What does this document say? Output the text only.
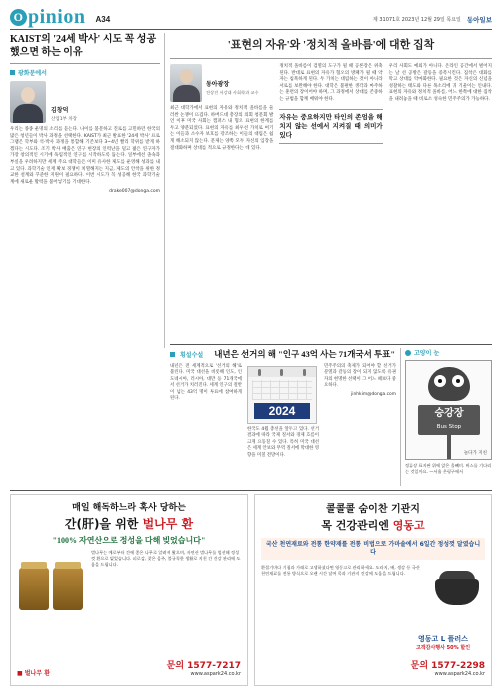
O pinion A34	제 31071호 2023년 12월 29일 목요일 동아일보
KAIST의 '24세 박사' 시도 꼭 성공했으면 하는 이유
광화문에서
김창덕
산업1부 차장
우리는 종종 운명의 소리를 듣는다. 나이를 불문하고 진로를 고민하던 한국의 많은 청년들이 박사 과정을 선택한다. KAIST가 최근 발표한 '24세 박사' 프로그램은 학부와 석·박사 과정을 통합해 기존보다 3~4년 빨리 학위를 받게 하겠다는 시도다. 조기 박사 배출은 연구 현장의 인력난을 덜고 젊은 연구자가 가장 창의적인 시기에 독립적인 연구를 시작하도록 돕는다. 일부에선 졸속과 부실을 우려하지만 세계 주요 대학들은 이미 유사한 제도를 운영해 성과를 내고 있다. 과학기술 인재 확보 경쟁이 치열해지는 지금, 제도의 안착을 위한 정교한 설계와 꾸준한 지원이 필요하다. 이번 시도가 꼭 성공해 한국 과학기술계에 새로운 활력을 불어넣기를 기대한다.
drake007@donga.com
'표현의 자유'와 '정치적 올바름'에 대한 집착
동아광장
전상진 서강대 사회학과 교수
최근 대학가에서 표현의 자유와 정치적 올바름을 둘러싼 논쟁이 뜨겁다. 하버드대 총장의 의회 청문회 발언 이후 미국 사회는 캠퍼스 내 혐오 표현의 한계를 두고 양분되었다. 표현의 자유를 최우선 가치로 여기는 이들과 소수자 보호를 강조하는 이들의 대립은 쉽게 해소되지 않는다. 문제는 양쪽 모두 자신의 입장을 절대화하며 상대를 적으로 규정한다는 데 있다.
정치적 올바름이 검열의 도구가 될 때 공론장은 위축된다. 반대로 표현의 자유가 혐오의 방패가 될 때 약자는 침묵하게 된다. 두 가치는 대립하는 것이 아니라 서로를 보완해야 한다. 대학은 불편한 생각과 마주하는 훈련의 장이어야 하며, 그 과정에서 상대를 존중하는 규범을 함께 배워야 한다.
자유는 중요하지만 타인의 존엄을 해치지 않는 선에서 지켜질 때 의미가 있다
우리 사회도 예외가 아니다. 온라인 공간에서 벌어지는 날 선 공방은 갈등을 증폭시킨다. 집착은 대화를 막고 상대를 악마화한다. 필요한 것은 자신의 신념을 성찰하는 태도와 다른 목소리에 귀 기울이는 인내다. 표현의 자유와 정치적 올바름, 어느 한쪽에 대한 집착을 내려놓을 때 비로소 성숙한 민주주의가 가능하다.
횡설수설 내년은 선거의 해 "인구 43억 사는 71개국서 투표"
내년은 전 세계적으로 '선거의 해'로 불린다. 미국 대선을 비롯해 인도, 인도네시아, 러시아, 대만 등 71개국에서 선거가 치러진다. 세계 인구의 절반이 넘는 43억 명이 투표에 참여하게 된다.
2024
한국도 4월 총선을 앞두고 있다. 선거 결과에 따라 국제 질서와 경제 흐름이 크게 요동칠 수 있다. 특히 미국 대선은 세계 안보와 무역 질서에 막대한 영향을 미칠 전망이다.
민주주의의 축제가 되어야 할 선거가 분열과 갈등의 장이 되지 않도록 유권자의 현명한 선택이 그 어느 때보다 중요하다.
jinhkim@donga.com
고양이 눈
승강장
Bus Stop
놀다가 지친
정류장 표지판 위에 앉은 올빼미. 버스를 기다리는 것일까요. —서울 은평구에서
매일 해독하느라 혹사 당하는
간(肝)을 위한 벌나무 환
"100% 자연산으로 정성을 다해 빚었습니다"
벌나무는 예로부터 간에 좋은 나무로 알려져 왔으며, 자연산 벌나무를 엄선해 정성껏 환으로 빚었습니다. 피로감, 잦은 음주, 불규칙한 생활로 지친 간 건강 관리에 도움을 드립니다.
■ 벌나무 환
문의 1577-7217
www.aspark24.co.kr
콜콜콜 숨이찬 기관지
목 건강관리엔 영동고
국산 천연재료와 전통 한약재를 전통 비법으로 가마솥에서 6일간 정성껏 달였습니다
환절기마다 기침과 가래로 고생하셨다면 영동고로 관리하세요. 도라지, 배, 생강 등 국산 천연재료를 전통 방식으로 오랜 시간 달여 목과 기관지 건강에 도움을 드립니다.
영동고 L 플러스
고객감사행사 50% 할인
문의 1577-2298
www.aspark24.co.kr
